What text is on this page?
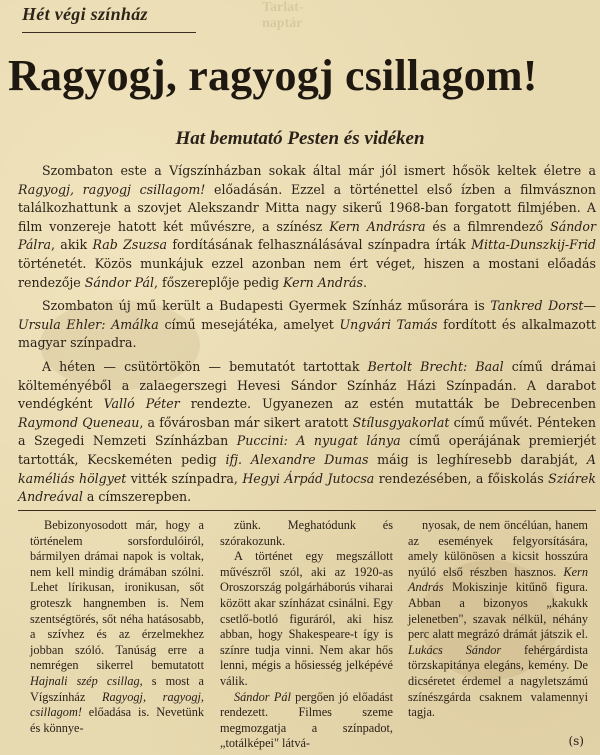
Tarlat-
naptár
Hét végi színház
Ragyogj, ragyogj csillagom!
Hat bemutató Pesten és vidéken

Szombaton este a Vígszínházban sokak által már jól ismert hősök keltek életre a Ragyogj, ragyogj csillagom! előadásán. Ezzel a történettel első ízben a filmvásznon találkozhattunk a szovjet Alekszandr Mitta nagy sikerű 1968-ban forgatott filmjében. A film vonzereje hatott két művészre, a színész Kern Andrásra és a filmrendező Sándor Pálra, akik Rab Zsuzsa fordításának felhasználásával színpadra írták Mitta-Dunszkij-Frid történetét. Közös munkájuk ezzel azonban nem ért véget, hiszen a mostani előadás rendezője Sándor Pál, főszereplője pedig Kern András.

Szombaton új mű került a Budapesti Gyermek Színház műsorára is Tankred Dorst—Ursula Ehler: Amálka című mesejátéka, amelyet Ungvári Tamás fordított és alkalmazott magyar színpadra.

A héten — csütörtökön — bemutatót tartottak Bertolt Brecht: Baal című drámai költeményéből a zalaegerszegi Hevesi Sándor Színház Házi Színpadán. A darabot vendégként Valló Péter rendezte. Ugyanezen az estén mutatták be Debrecenben Raymond Queneau, a fővárosban már sikert aratott Stílusgyakorlat című művét. Pénteken a Szegedi Nemzeti Színházban Puccini: A nyugat lánya című operájának premierjét tartották, Kecskeméten pedig ifj. Alexandre Dumas máig is leghíresebb darabját, A kaméliás hölgyet vitték színpadra, Hegyi Árpád Jutocsa rendezésében, a főiskolás Sziárek Andreával a címszerepben.

Bebizonyosodott már, hogy a történelem sorsfordulóiról, bármilyen drámai napok is voltak, nem kell mindig drámában szólni. Lehet lírikusan, ironikusan, sőt groteszk hangnemben is. Nem szentségtörés, sőt néha hatásosabb, a szívhez és az érzelmekhez jobban szóló. Tanúság erre a nemrégen sikerrel bemutatott Hajnali szép csillag, s most a Vígszínház Ragyogj, ragyogj, csillagom! előadása is. Nevetünk és könnye-

zünk. Meghatódunk és szórakozunk.

A történet egy megszállott művészről szól, aki az 1920-as Oroszország polgárháborús viharai között akar színházat csinálni. Egy csetlő-botló figuráról, aki hisz abban, hogy Shakespeare-t így is színre tudja vinni. Nem akar hős lenni, mégis a hősiesség jelképévé válik.

Sándor Pál pergően jó előadást rendezett. Filmes szeme megmozgatja a színpadot, „totálképei" látvá-

nyosak, de nem öncélúan, hanem az események felgyorsítására, amely különösen a kicsit hosszúra nyúló első részben hasznos. Kern András Mokiszinje kitűnő figura. Abban a bizonyos „kakukk jelenetben", szavak nélkül, néhány perc alatt megrázó drámát játszik el. Lukács Sándor fehérgárdista törzskapitánya elegáns, kemény. De dicséretet érdemel a nagyletszámú színészgárda csaknem valamennyi tagja.

(s)
